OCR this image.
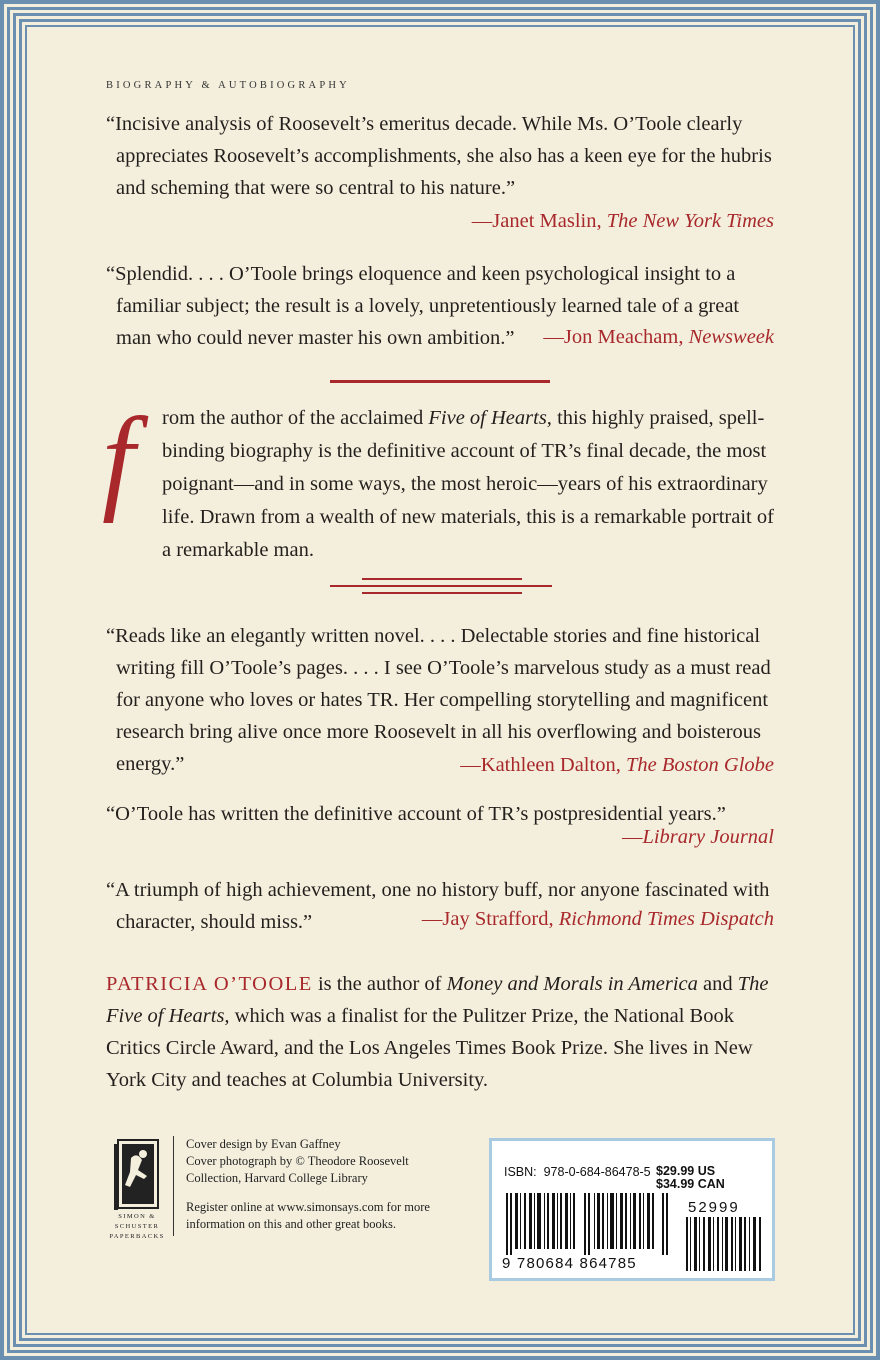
BIOGRAPHY & AUTOBIOGRAPHY
“Incisive analysis of Roosevelt’s emeritus decade. While Ms. O’Toole clearly appreciates Roosevelt’s accomplishments, she also has a keen eye for the hubris and scheming that were so central to his nature.”
—Janet Maslin, The New York Times
“Splendid. . . . O’Toole brings eloquence and keen psychological insight to a familiar subject; the result is a lovely, unpretentiously learned tale of a great man who could never master his own ambition.”	—Jon Meacham, Newsweek
f rom the author of the acclaimed Five of Hearts, this highly praised, spell-binding biography is the definitive account of TR’s final decade, the most poignant—and in some ways, the most heroic—years of his extraordinary life. Drawn from a wealth of new materials, this is a remarkable portrait of a remarkable man.
“Reads like an elegantly written novel. . . . Delectable stories and fine historical writing fill O’Toole’s pages. . . . I see O’Toole’s marvelous study as a must read for anyone who loves or hates TR. Her compelling storytelling and magnificent research bring alive once more Roosevelt in all his overflowing and boisterous energy.”	—Kathleen Dalton, The Boston Globe
“O’Toole has written the definitive account of TR’s postpresidential years.”
—Library Journal
“A triumph of high achievement, one no history buff, nor anyone fascinated with character, should miss.”	—Jay Strafford, Richmond Times Dispatch
PATRICIA O’TOOLE is the author of Money and Morals in America and The Five of Hearts, which was a finalist for the Pulitzer Prize, the National Book Critics Circle Award, and the Los Angeles Times Book Prize. She lives in New York City and teaches at Columbia University.
SIMON &
SCHUSTER
PAPERBACKS

Cover design by Evan Gaffney

Cover photograph by © Theodore Roosevelt Collection, Harvard College Library

Register online at www.simonsays.com for more information on this and other great books.

ISBN: 978-0-684-86478-5 $29.99 US
$34.99 CAN
9 780684 864785
52999
